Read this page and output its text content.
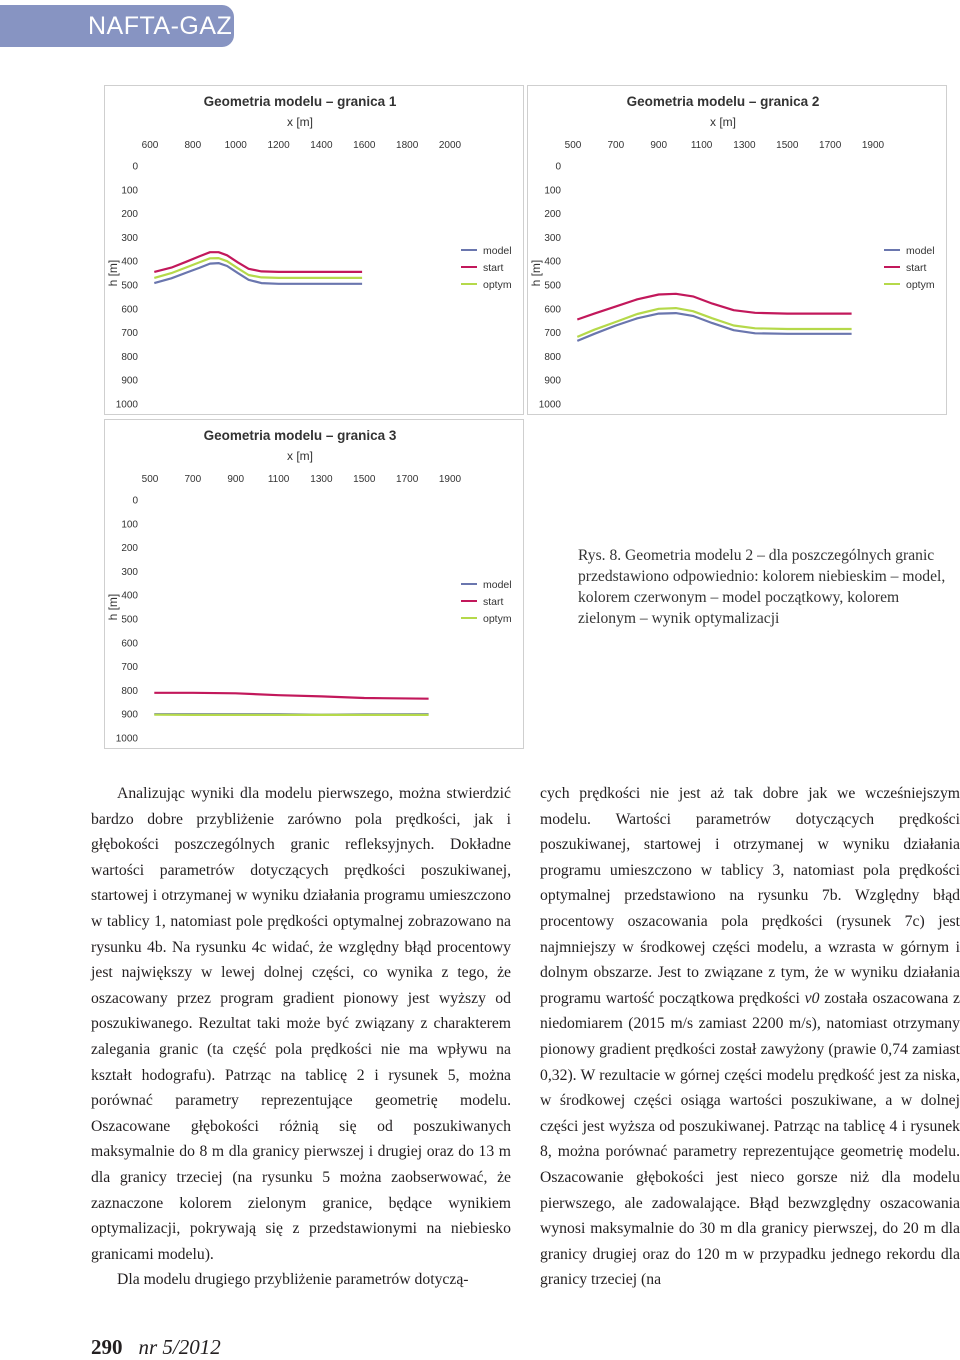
NAFTA-GAZ
Geometria modelu – granica 1
x [m]
600	800 1000 1200 1400 1600 1800 2000
0
100
200
300
400
500
600
700
800
900
1000
h [m]
model
start
optym
Geometria modelu – granica 2
x [m]
500	700	900 1100 1300 1500 1700 1900
0
100
200
300
400
500
600
700
800
900
1000
h [m]
model
start
optym
Geometria modelu – granica 3
x [m]
500	700	900 1100 1300 1500 1700 1900
0
100
200
300
400
500
600
700
800
900
1000
h [m]
model
start
optym
Rys. 8. Geometria modelu 2 – dla poszczególnych granic przedstawiono odpowiednio: kolorem niebieskim – model, kolorem czerwonym – model początkowy, kolorem zielonym – wynik optymalizacji

Analizując wyniki dla modelu pierwszego, można stwierdzić bardzo dobre przybliżenie zarówno pola prędkości, jak i głębokości poszczególnych granic refleksyjnych. Dokładne wartości parametrów dotyczących prędkości poszukiwanej, startowej i otrzymanej w wyniku działania programu umieszczono w tablicy 1, natomiast pole prędkości optymalnej zobrazowano na rysunku 4b. Na rysunku 4c widać, że względny błąd procentowy jest największy w lewej dolnej części, co wynika z tego, że oszacowany przez program gradient pionowy jest wyższy od poszukiwanego. Rezultat taki może być związany z charakterem zalegania granic (ta część pola prędkości nie ma wpływu na kształt hodografu). Patrząc na tablicę 2 i rysunek 5, można porównać parametry reprezentujące geometrię modelu. Oszacowane głębokości różnią się od poszukiwanych maksymalnie do 8 m dla granicy pierwszej i drugiej oraz do 13 m dla granicy trzeciej (na rysunku 5 można zaobserwować, że zaznaczone kolorem zielonym granice, będące wynikiem optymalizacji, pokrywają się z przedstawionymi na niebiesko granicami modelu).

Dla modelu drugiego przybliżenie parametrów dotyczą-

cych prędkości nie jest aż tak dobre jak we wcześniejszym modelu. Wartości parametrów dotyczących prędkości poszukiwanej, startowej i otrzymanej w wyniku działania programu umieszczono w tablicy 3, natomiast pola prędkości optymalnej przedstawiono na rysunku 7b. Względny błąd procentowy oszacowania pola prędkości (rysunek 7c) jest najmniejszy w środkowej części modelu, a wzrasta w górnym i dolnym obszarze. Jest to związane z tym, że w wyniku działania programu wartość początkowa prędkości v0 została oszacowana z niedomiarem (2015 m/s zamiast 2200 m/s), natomiast otrzymany pionowy gradient prędkości został zawyżony (prawie 0,74 zamiast 0,32). W rezultacie w górnej części modelu prędkość jest za niska, w środkowej części osiąga wartości poszukiwane, a w dolnej części jest wyższa od poszukiwanej. Patrząc na tablicę 4 i rysunek 8, można porównać parametry reprezentujące geometrię modelu. Oszacowanie głębokości jest nieco gorsze niż dla modelu pierwszego, ale zadowalające. Błąd bezwzględny oszacowania wynosi maksymalnie do 30 m dla granicy pierwszej, do 20 m dla granicy drugiej oraz do 120 m w przypadku jednego rekordu dla granicy trzeciej (na

290 nr 5/2012
